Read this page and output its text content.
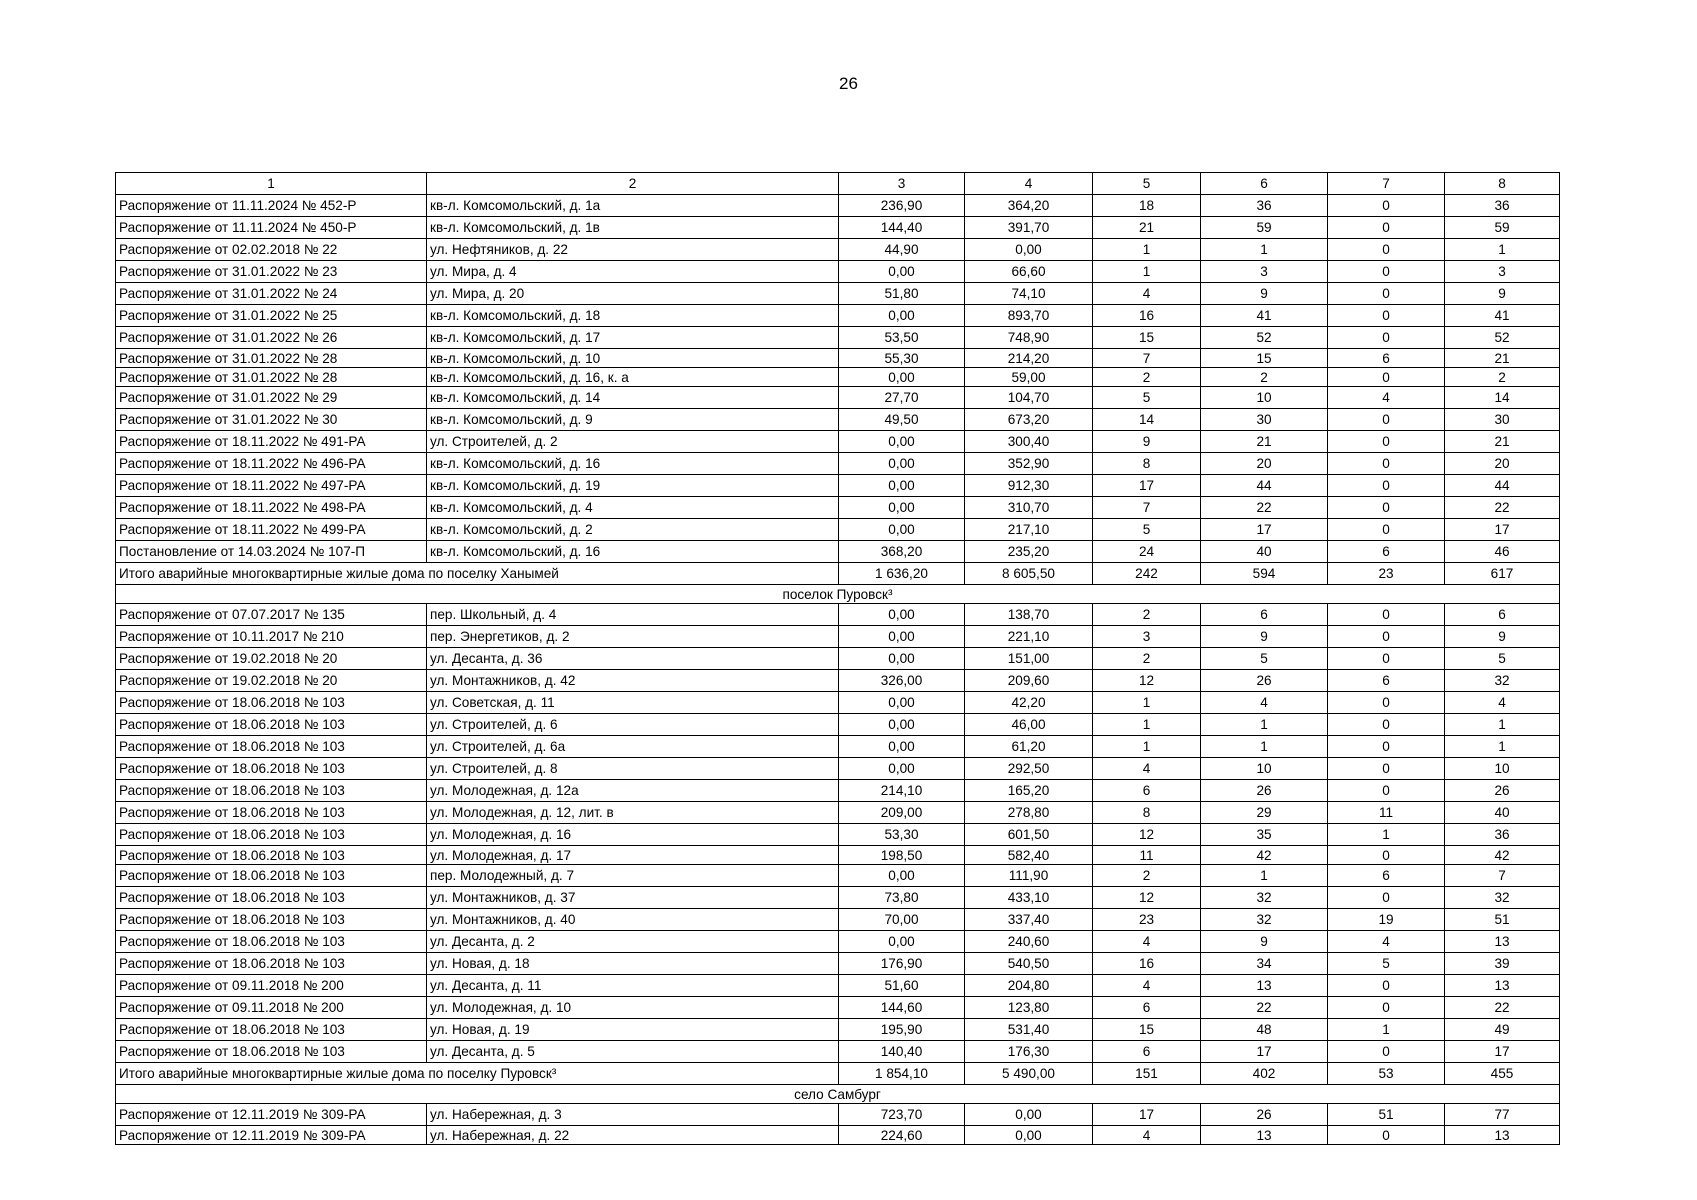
26
1	2	3	4	5	6	7	8
Распоряжение от 11.11.2024 № 452-Р	кв-л. Комсомольский, д. 1а	236,90	364,20	18	36	0	36
Распоряжение от 11.11.2024 № 450-Р	кв-л. Комсомольский, д. 1в	144,40	391,70	21	59	0	59
Распоряжение от 02.02.2018 № 22	ул. Нефтяников, д. 22	44,90	0,00	1	1	0	1
Распоряжение от 31.01.2022 № 23	ул. Мира, д. 4	0,00	66,60	1	3	0	3
Распоряжение от 31.01.2022 № 24	ул. Мира, д. 20	51,80	74,10	4	9	0	9
Распоряжение от 31.01.2022 № 25	кв-л. Комсомольский, д. 18	0,00	893,70	16	41	0	41
Распоряжение от 31.01.2022 № 26	кв-л. Комсомольский, д. 17	53,50	748,90	15	52	0	52
Распоряжение от 31.01.2022 № 28	кв-л. Комсомольский, д. 10	55,30	214,20	7	15	6	21
Распоряжение от 31.01.2022 № 28	кв-л. Комсомольский, д. 16, к. а	0,00	59,00	2	2	0	2
Распоряжение от 31.01.2022 № 29	кв-л. Комсомольский, д. 14	27,70	104,70	5	10	4	14
Распоряжение от 31.01.2022 № 30	кв-л. Комсомольский, д. 9	49,50	673,20	14	30	0	30
Распоряжение от 18.11.2022 № 491-РА	ул. Строителей, д. 2	0,00	300,40	9	21	0	21
Распоряжение от 18.11.2022 № 496-РА	кв-л. Комсомольский, д. 16	0,00	352,90	8	20	0	20
Распоряжение от 18.11.2022 № 497-РА	кв-л. Комсомольский, д. 19	0,00	912,30	17	44	0	44
Распоряжение от 18.11.2022 № 498-РА	кв-л. Комсомольский, д. 4	0,00	310,70	7	22	0	22
Распоряжение от 18.11.2022 № 499-РА	кв-л. Комсомольский, д. 2	0,00	217,10	5	17	0	17
Постановление от 14.03.2024 № 107-П	кв-л. Комсомольский, д. 16	368,20	235,20	24	40	6	46
Итого аварийные многоквартирные жилые дома по поселку Ханымей		1 636,20	8 605,50	242	594	23	617
поселок Пуровск³							
Распоряжение от 07.07.2017 № 135	пер. Школьный, д. 4	0,00	138,70	2	6	0	6
Распоряжение от 10.11.2017 № 210	пер. Энергетиков, д. 2	0,00	221,10	3	9	0	9
Распоряжение от 19.02.2018 № 20	ул. Десанта, д. 36	0,00	151,00	2	5	0	5
Распоряжение от 19.02.2018 № 20	ул. Монтажников, д. 42	326,00	209,60	12	26	6	32
Распоряжение от 18.06.2018 № 103	ул. Советская, д. 11	0,00	42,20	1	4	0	4
Распоряжение от 18.06.2018 № 103	ул. Строителей, д. 6	0,00	46,00	1	1	0	1
Распоряжение от 18.06.2018 № 103	ул. Строителей, д. 6а	0,00	61,20	1	1	0	1
Распоряжение от 18.06.2018 № 103	ул. Строителей, д. 8	0,00	292,50	4	10	0	10
Распоряжение от 18.06.2018 № 103	ул. Молодежная, д. 12а	214,10	165,20	6	26	0	26
Распоряжение от 18.06.2018 № 103	ул. Молодежная, д. 12, лит. в	209,00	278,80	8	29	11	40
Распоряжение от 18.06.2018 № 103	ул. Молодежная, д. 16	53,30	601,50	12	35	1	36
Распоряжение от 18.06.2018 № 103	ул. Молодежная, д. 17	198,50	582,40	11	42	0	42
Распоряжение от 18.06.2018 № 103	пер. Молодежный, д. 7	0,00	111,90	2	1	6	7
Распоряжение от 18.06.2018 № 103	ул. Монтажников, д. 37	73,80	433,10	12	32	0	32
Распоряжение от 18.06.2018 № 103	ул. Монтажников, д. 40	70,00	337,40	23	32	19	51
Распоряжение от 18.06.2018 № 103	ул. Десанта, д. 2	0,00	240,60	4	9	4	13
Распоряжение от 18.06.2018 № 103	ул. Новая, д. 18	176,90	540,50	16	34	5	39
Распоряжение от 09.11.2018 № 200	ул. Десанта, д. 11	51,60	204,80	4	13	0	13
Распоряжение от 09.11.2018 № 200	ул. Молодежная, д. 10	144,60	123,80	6	22	0	22
Распоряжение от 18.06.2018 № 103	ул. Новая, д. 19	195,90	531,40	15	48	1	49
Распоряжение от 18.06.2018 № 103	ул. Десанта, д. 5	140,40	176,30	6	17	0	17
Итого аварийные многоквартирные жилые дома по поселку Пуровск³		1 854,10	5 490,00	151	402	53	455
село Самбург							
Распоряжение от 12.11.2019 № 309-РА	ул. Набережная, д. 3	723,70	0,00	17	26	51	77
Распоряжение от 12.11.2019 № 309-РА	ул. Набережная, д. 22	224,60	0,00	4	13	0	13
